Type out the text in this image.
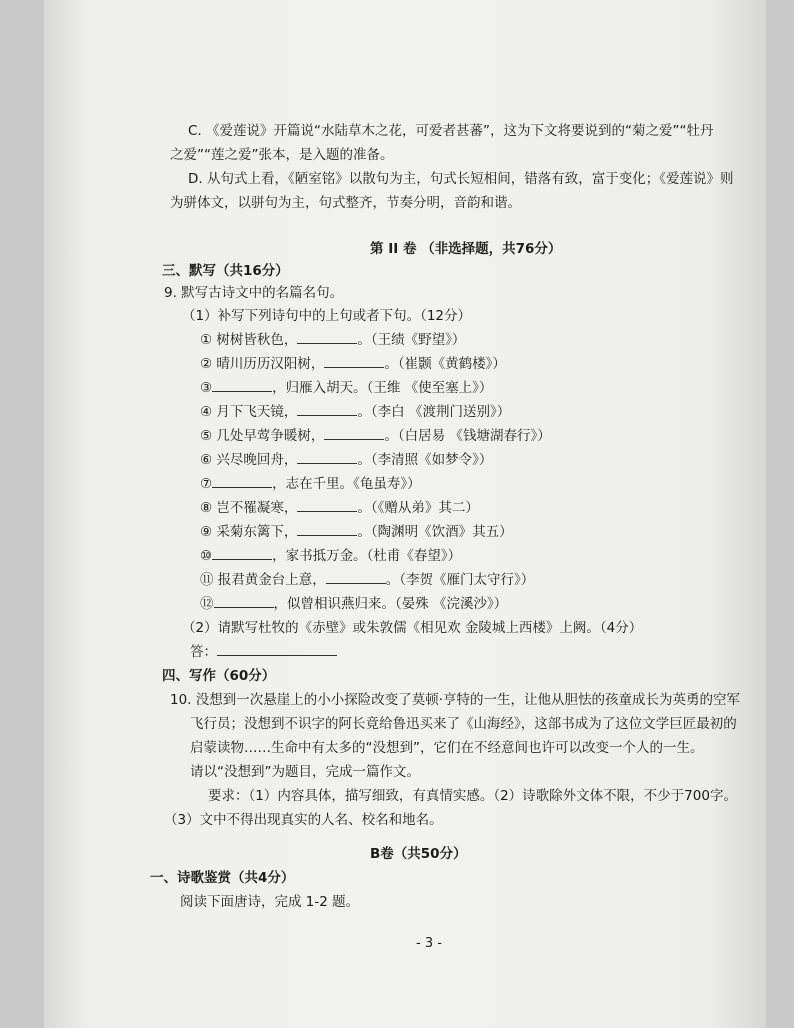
C. 《爱莲说》开篇说“水陆草木之花，可爱者甚蕃”，这为下文将要说到的“菊之爱”“牡丹
之爱”“莲之爱”张本，是入题的准备。
D. 从句式上看，《陋室铭》以散句为主，句式长短相间，错落有致，富于变化；《爱莲说》则
为骈体文，以骈句为主，句式整齐，节奏分明，音韵和谐。
第 II 卷 （非选择题，共76分）
三、默写（共16分）
9. 默写古诗文中的名篇名句。
（1）补写下列诗句中的上句或者下句。（12分）
① 树树皆秋色，	。（王绩《野望》）
② 晴川历历汉阳树，	。（崔颢《黄鹤楼》）
③	，归雁入胡天。（王维 《使至塞上》）
④ 月下飞天镜，	。（李白 《渡荆门送别》）
⑤ 几处早莺争暖树，	。（白居易 《钱塘湖春行》）
⑥ 兴尽晚回舟，	。（李清照《如梦令》）
⑦	，志在千里。《龟虽寿》）
⑧ 岂不罹凝寒，	。（《赠从弟》其二）
⑨ 采菊东篱下，	。（陶渊明《饮酒》其五）
⑩	，家书抵万金。（杜甫《春望》）
⑪ 报君黄金台上意，	。（李贺《雁门太守行》）
⑫	，似曾相识燕归来。（晏殊 《浣溪沙》）
（2）请默写杜牧的《赤壁》或朱敦儒《相见欢 金陵城上西楼》上阙。（4分）
答：
四、写作（60分）
10. 没想到一次悬崖上的小小探险改变了莫顿·亨特的一生，让他从胆怯的孩童成长为英勇的空军
飞行员；没想到不识字的阿长竟给鲁迅买来了《山海经》，这部书成为了这位文学巨匠最初的
启蒙读物……生命中有太多的“没想到”，它们在不经意间也许可以改变一个人的一生。
请以“没想到”为题目，完成一篇作文。
要求：（1）内容具体，描写细致，有真情实感。（2）诗歌除外文体不限，不少于700字。
（3）文中不得出现真实的人名、校名和地名。
B卷（共50分）
一、诗歌鉴赏（共4分）
阅读下面唐诗，完成 1-2 题。
- 3 -
